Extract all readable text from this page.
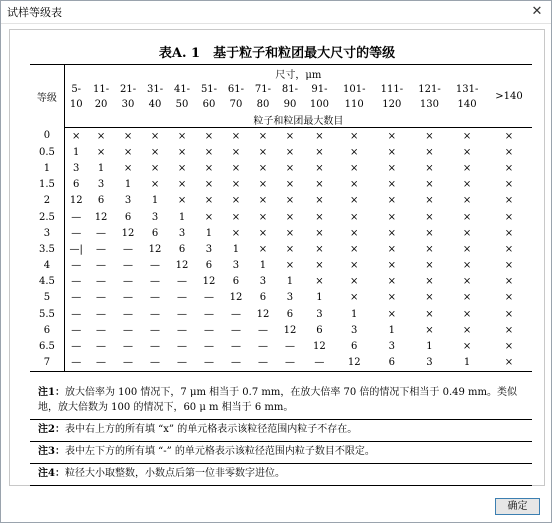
试样等级表	✕
表A. 1　基于粒子和粒团最大尺寸的等级
等级	尺寸，μm														
	5-	11-	21-	31-	41-	51-	61-	71-	81-	91-	101-	111-	121-	131-	>140
	10	20	30	40	50	60	70	80	90	100	110	120	130	140	
	粒子和粒团最大数目														
0	×	×	×	×	×	×	×	×	×	×	×	×	×	×	×
0.5	1	×	×	×	×	×	×	×	×	×	×	×	×	×	×
1	3	1	×	×	×	×	×	×	×	×	×	×	×	×	×
1.5	6	3	1	×	×	×	×	×	×	×	×	×	×	×	×
2	12	6	3	1	×	×	×	×	×	×	×	×	×	×	×
2.5	—	12	6	3	1	×	×	×	×	×	×	×	×	×	×
3	—	—	12	6	3	1	×	×	×	×	×	×	×	×	×
3.5	—|	—	—	12	6	3	1	×	×	×	×	×	×	×	×
4	—	—	—	—	12	6	3	1	×	×	×	×	×	×	×
4.5	—	—	—	—	—	12	6	3	1	×	×	×	×	×	×
5	—	—	—	—	—	—	12	6	3	1	×	×	×	×	×
5.5	—	—	—	—	—	—	—	12	6	3	1	×	×	×	×
6	—	—	—	—	—	—	—	—	12	6	3	1	×	×	×
6.5	—	—	—	—	—	—	—	—	—	12	6	3	1	×	×
7	—	—	—	—	—	—	—	—	—	—	12	6	3	1	×
注1：放大倍率为 100 情况下，7 μm 相当于 0.7 mm，在放大倍率 70 倍的情况下相当于 0.49 mm。类似地，放大倍数为 100 的情况下，60 μ m 相当于 6 mm。
注2：表中右上方的所有填 “x” 的单元格表示该粒径范围内粒子不存在。
注3：表中左下方的所有填 “-” 的单元格表示该粒径范围内粒子数目不限定。
注4：粒径大小取整数，小数点后第一位非零数字进位。
确定
